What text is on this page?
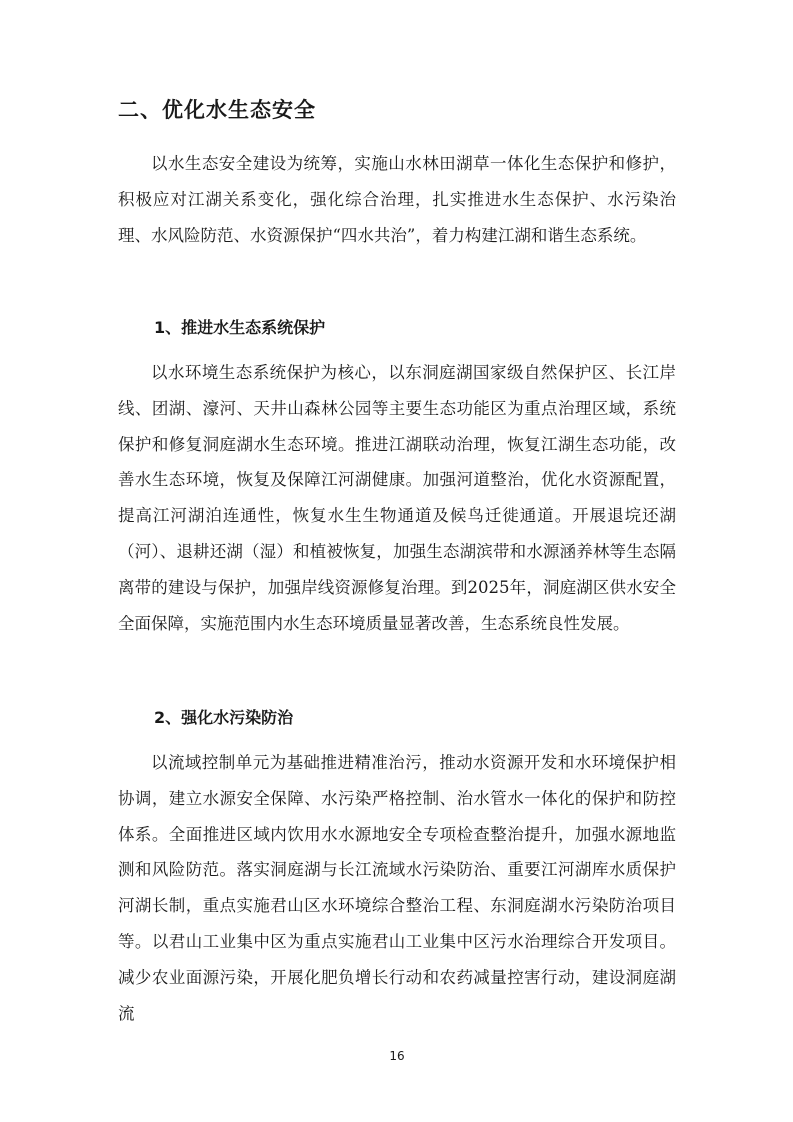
二、优化水生态安全

以水生态安全建设为统筹，实施山水林田湖草一体化生态保护和修护，积极应对江湖关系变化，强化综合治理，扎实推进水生态保护、水污染治理、水风险防范、水资源保护“四水共治”，着力构建江湖和谐生态系统。

1、推进水生态系统保护

以水环境生态系统保护为核心，以东洞庭湖国家级自然保护区、长江岸线、团湖、濠河、天井山森林公园等主要生态功能区为重点治理区域，系统保护和修复洞庭湖水生态环境。推进江湖联动治理，恢复江湖生态功能，改善水生态环境，恢复及保障江河湖健康。加强河道整治，优化水资源配置，提高江河湖泊连通性，恢复水生生物通道及候鸟迁徙通道。开展退垸还湖（河）、退耕还湖（湿）和植被恢复，加强生态湖滨带和水源涵养林等生态隔离带的建设与保护，加强岸线资源修复治理。到2025年，洞庭湖区供水安全全面保障，实施范围内水生态环境质量显著改善，生态系统良性发展。

2、强化水污染防治

以流域控制单元为基础推进精准治污，推动水资源开发和水环境保护相协调，建立水源安全保障、水污染严格控制、治水管水一体化的保护和防控体系。全面推进区域内饮用水水源地安全专项检查整治提升，加强水源地监测和风险防范。落实洞庭湖与长江流域水污染防治、重要江河湖库水质保护河湖长制，重点实施君山区水环境综合整治工程、东洞庭湖水污染防治项目等。以君山工业集中区为重点实施君山工业集中区污水治理综合开发项目。减少农业面源污染，开展化肥负增长行动和农药减量控害行动，建设洞庭湖流

16
